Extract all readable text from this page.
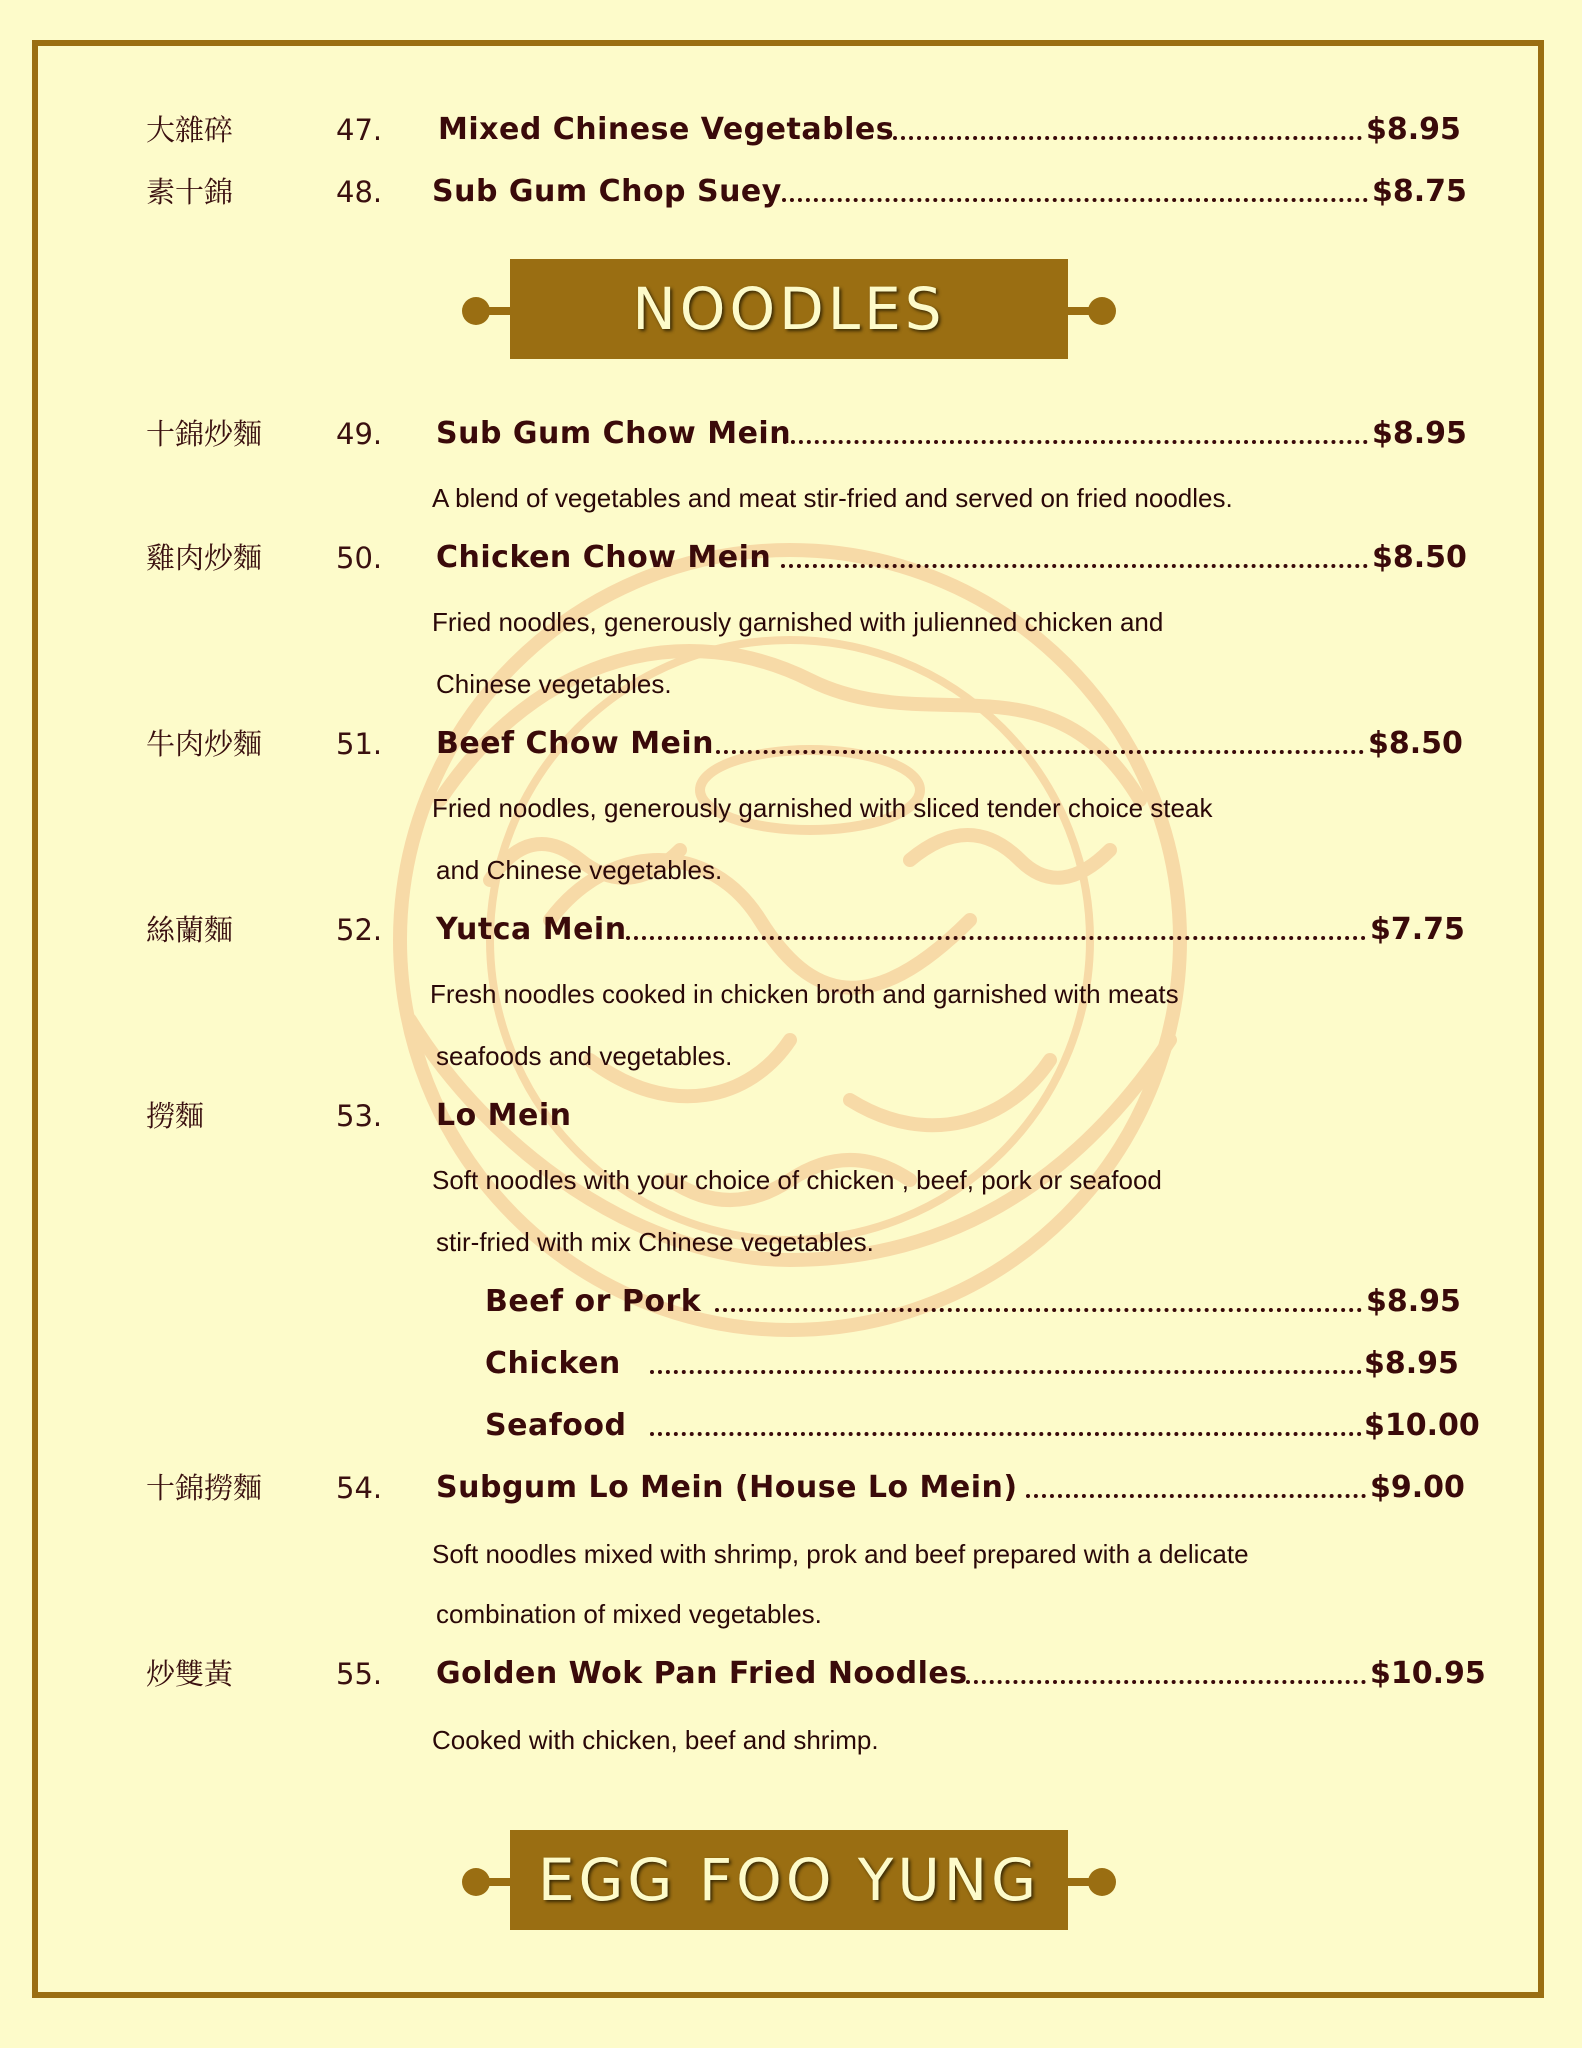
大雜碎	47. Mixed Chinese Vegetables	$8.95
素十錦	48. Sub Gum Chop Suey	$8.75
NOODLES
十錦炒麵	49. Sub Gum Chow Mein	$8.95
A blend of vegetables and meat stir-fried and served on fried noodles.
雞肉炒麵	50. Chicken Chow Mein	$8.50
Fried noodles, generously garnished with julienned chicken and
Chinese vegetables.
牛肉炒麵	51. Beef Chow Mein	$8.50
Fried noodles, generously garnished with sliced tender choice steak
and Chinese vegetables.
絲蘭麵	52. Yutca Mein	$7.75
Fresh noodles cooked in chicken broth and garnished with meats
seafoods and vegetables.
撈麵	53. Lo Mein
Soft noodles with your choice of chicken , beef, pork or seafood
stir-fried with mix Chinese vegetables.
Beef or Pork	$8.95
Chicken	$8.95
Seafood	$10.00
十錦撈麵	54. Subgum Lo Mein (House Lo Mein)	$9.00
Soft noodles mixed with shrimp, prok and beef prepared with a delicate
combination of mixed vegetables.
炒雙黃	55. Golden Wok Pan Fried Noodles	$10.95
Cooked with chicken, beef and shrimp.
EGG FOO YUNG
